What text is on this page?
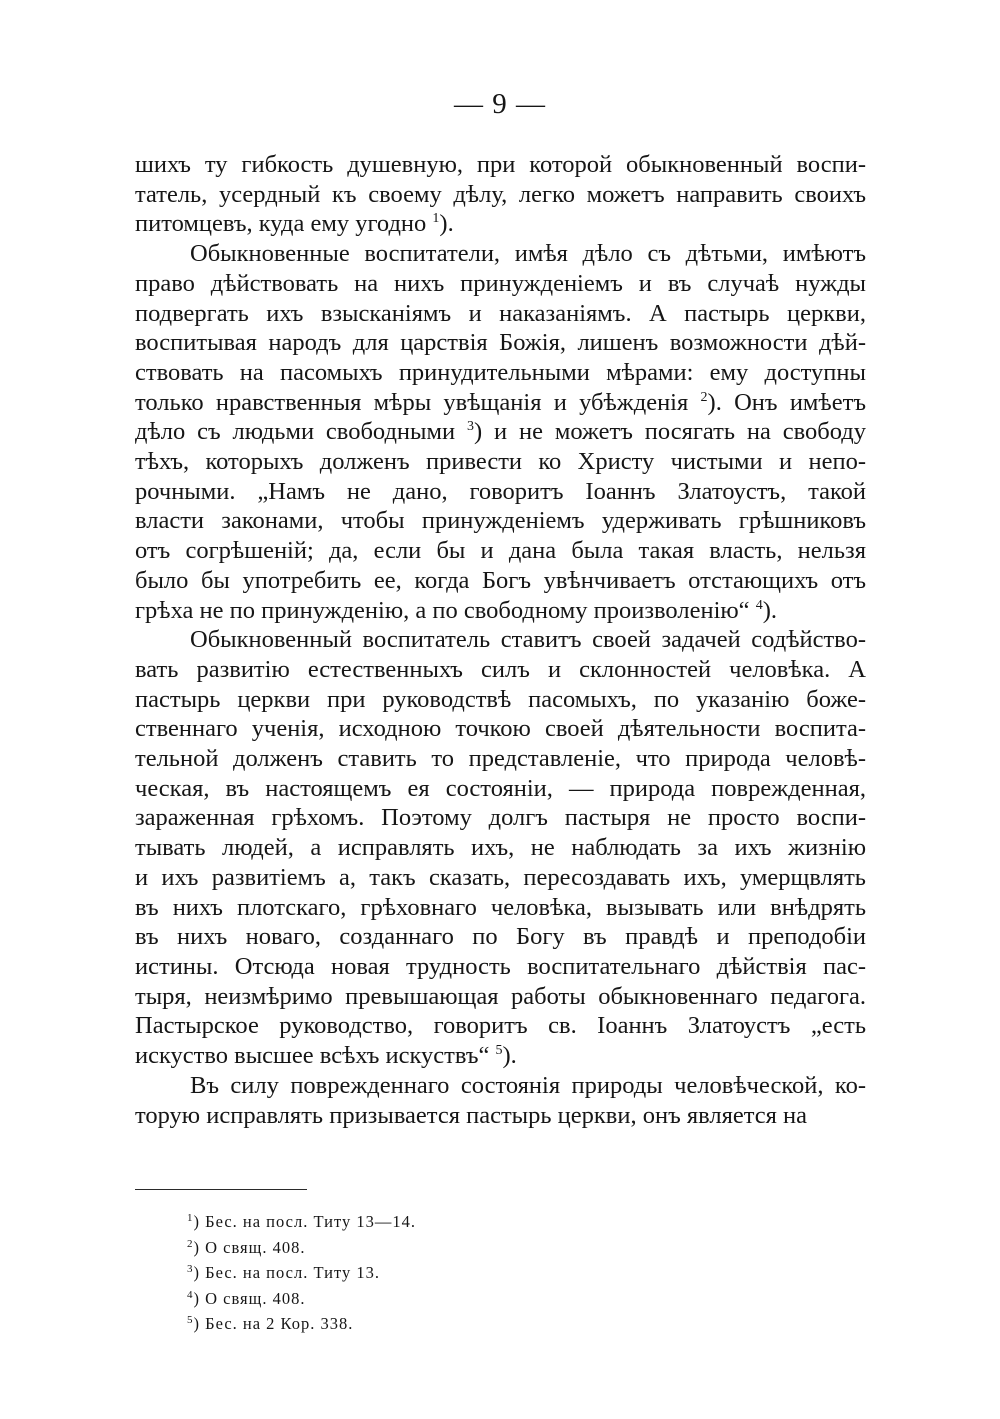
— 9 —
шихъ ту гибкость душевную, при которой обыкновенный воспи-
татель, усердный къ своему дѣлу, легко можетъ направить своихъ
питомцевъ, куда ему угодно $^1$).
Обыкновенные воспитатели, имѣя дѣло съ дѣтьми, имѣютъ
право дѣйствовать на нихъ принужденіемъ и въ случаѣ нужды
подвергать ихъ взысканіямъ и наказаніямъ. А пастырь церкви,
воспитывая народъ для царствія Божія, лишенъ возможности дѣй-
ствовать на пасомыхъ принудительными мѣрами: ему доступны
только нравственныя мѣры увѣщанія и убѣжденія $^2$). Онъ имѣетъ
дѣло съ людьми свободными $^3$) и не можетъ посягать на свободу
тѣхъ, которыхъ долженъ привести ко Христу чистыми и непо-
рочными. „Намъ не дано, говоритъ Іоаннъ Златоустъ, такой
власти законами, чтобы принужденіемъ удерживать грѣшниковъ
отъ согрѣшеній; да, если бы и дана была такая власть, нельзя
было бы употребить ее, когда Богъ увѣнчиваетъ отстающихъ отъ
грѣха не по принужденію, а по свободному произволенію“ $^4$).
Обыкновенный воспитатель ставитъ своей задачей содѣйство-
вать развитію естественныхъ силъ и склонностей человѣка. А
пастырь церкви при руководствѣ пасомыхъ, по указанію боже-
ственнаго ученія, исходною точкою своей дѣятельности воспита-
тельной долженъ ставить то представленіе, что природа человѣ-
ческая, въ настоящемъ ея состояніи, — природа поврежденная,
зараженная грѣхомъ. Поэтому долгъ пастыря не просто воспи-
тывать людей, а исправлять ихъ, не наблюдать за ихъ жизнію
и ихъ развитіемъ а, такъ сказать, пересоздавать ихъ, умерщвлять
въ нихъ плотскаго, грѣховнаго человѣка, вызывать или внѣдрять
въ нихъ новаго, созданнаго по Богу въ правдѣ и преподобіи
истины. Отсюда новая трудность воспитательнаго дѣйствія пас-
тыря, неизмѣримо превышающая работы обыкновеннаго педагога.
Пастырское руководство, говоритъ св. Іоаннъ Златоустъ „есть
искуство высшее всѣхъ искуствъ“ $^5$).
Въ силу поврежденнаго состоянія природы человѣческой, ко-
торую исправлять призывается пастырь церкви, онъ является на
$^1$) Бес. на посл. Титу 13—14.
$^2$) О свящ. 408.
$^3$) Бес. на посл. Титу 13.
$^4$) О свящ. 408.
$^5$) Бес. на 2 Кор. 338.
